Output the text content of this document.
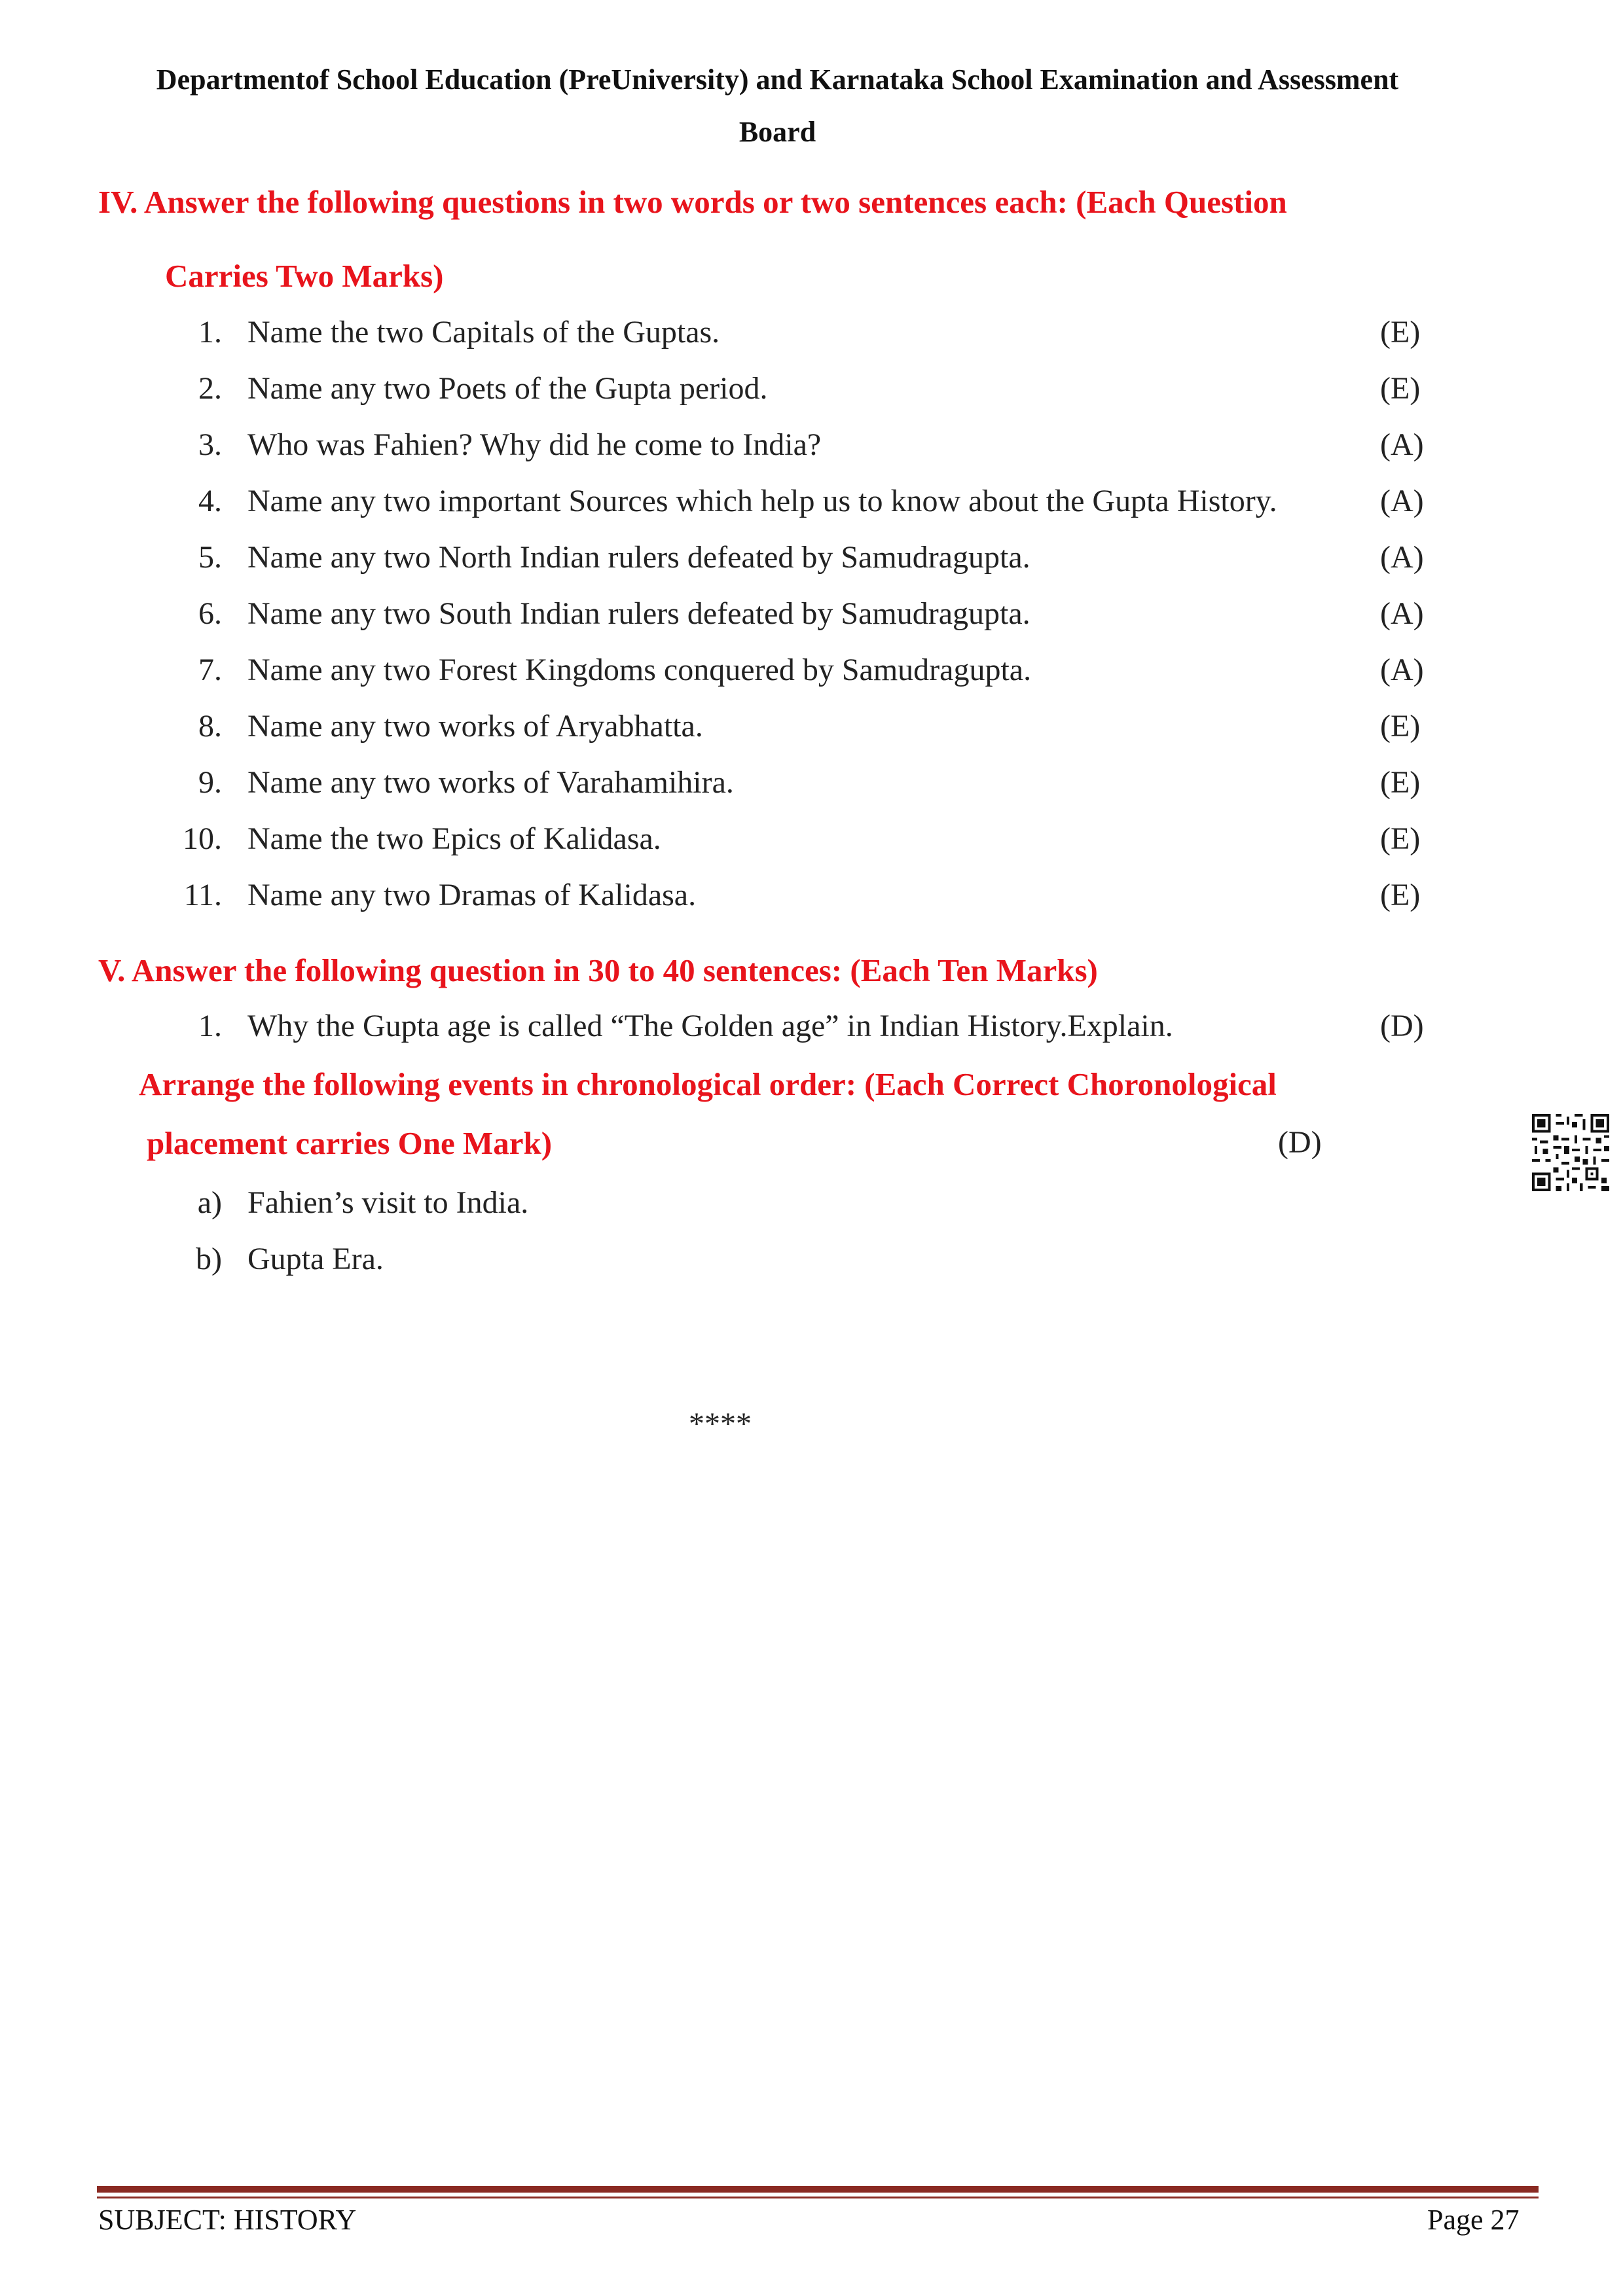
Departmentof School Education (PreUniversity) and Karnataka School Examination and Assessment
Board
IV. Answer the following questions in two words or two sentences each: (Each Question
Carries Two Marks)
1. Name the two Capitals of the Guptas.	(E)
2. Name any two Poets of the Gupta period.	(E)
3. Who was Fahien? Why did he come to India?	(A)
4. Name any two important Sources which help us to know about the Gupta History.	(A)
5. Name any two North Indian rulers defeated by Samudragupta.	(A)
6. Name any two South Indian rulers defeated by Samudragupta.	(A)
7. Name any two Forest Kingdoms conquered by Samudragupta.	(A)
8. Name any two works of Aryabhatta.	(E)
9. Name any two works of Varahamihira.	(E)
10. Name the two Epics of Kalidasa.	(E)
11. Name any two Dramas of Kalidasa.	(E)
V. Answer the following question in 30 to 40 sentences: (Each Ten Marks)
1. Why the Gupta age is called “The Golden age” in Indian History.Explain.	(D)
Arrange the following events in chronological order: (Each Correct Choronological
placement carries One Mark)	(D)
a) Fahien’s visit to India.
b) Gupta Era.
****
SUBJECT: HISTORY	Page 27
